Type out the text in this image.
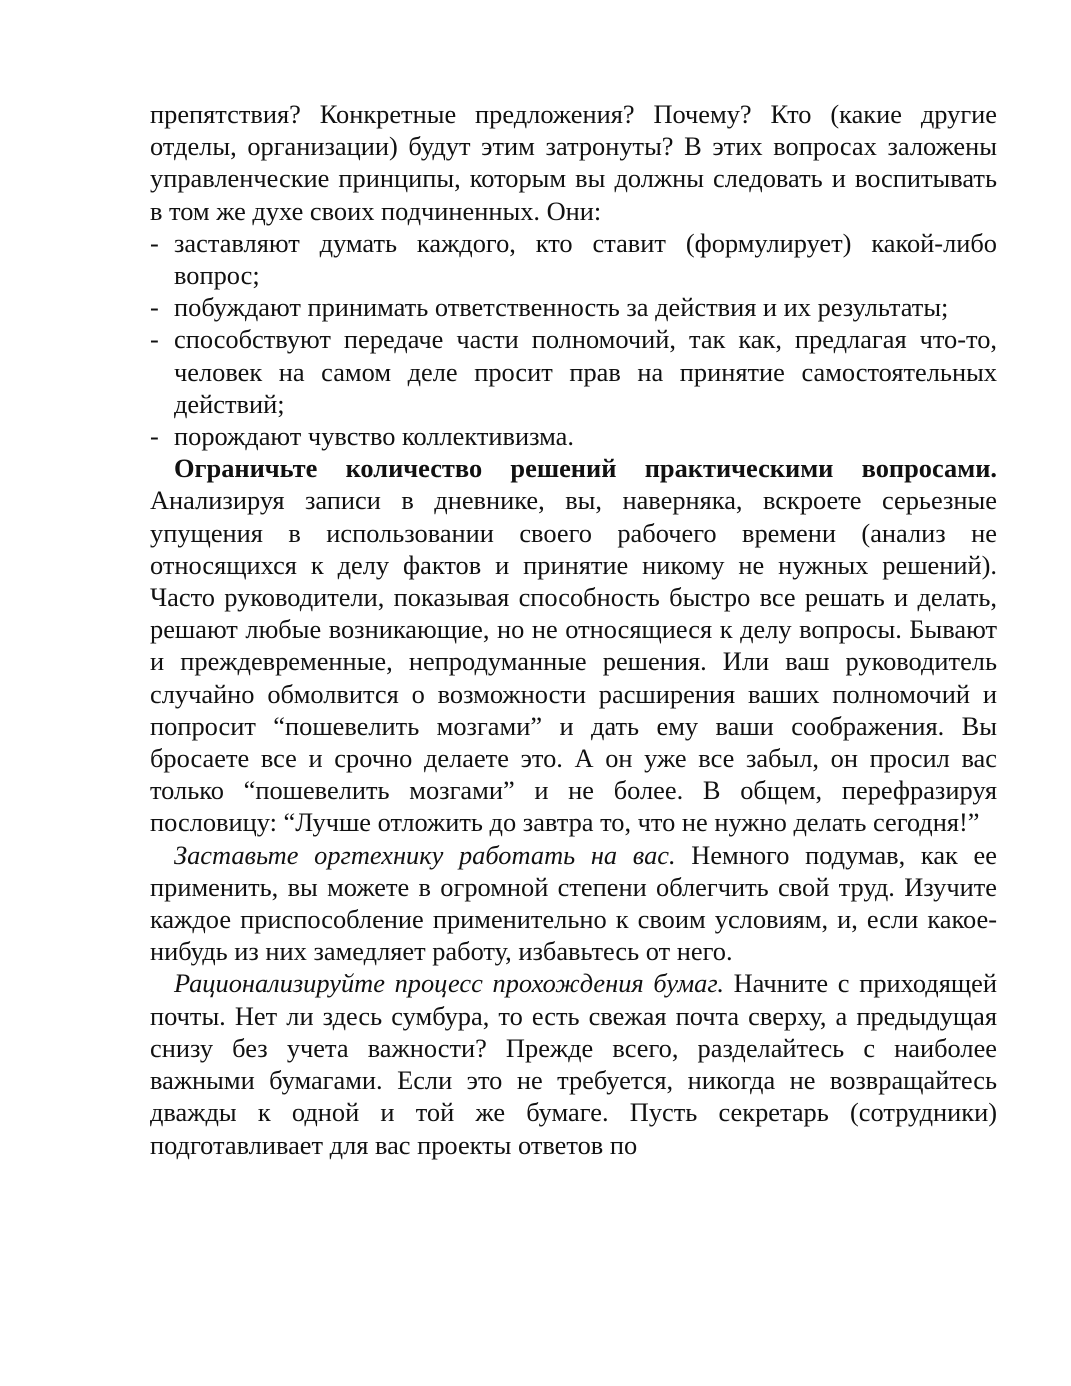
препятствия? Конкретные предложения? Почему? Кто (какие другие отделы, организации) будут этим затронуты? В этих вопросах заложены управленческие принципы, которым вы должны следовать и воспитывать в том же духе своих подчиненных. Они:

- заставляют думать каждого, кто ставит (формулирует) какой-либо вопрос;
- побуждают принимать ответственность за действия и их результаты;
- способствуют передаче части полномочий, так как, предлагая что-то, человек на самом деле просит прав на принятие самостоятельных действий;
- порождают чувство коллективизма.

Ограничьте количество решений практическими вопросами. Анализируя записи в дневнике, вы, наверняка, вскроете серьезные упущения в использовании своего рабочего времени (анализ не относящихся к делу фактов и принятие никому не нужных решений). Часто руководители, показывая способность быстро все решать и делать, решают любые возникающие, но не относящиеся к делу вопросы. Бывают и преждевременные, непродуманные решения. Или ваш руководитель случайно обмолвится о возможности расширения ваших полномочий и попросит “пошевелить мозгами” и дать ему ваши соображения. Вы бросаете все и срочно делаете это. А он уже все забыл, он просил вас только “пошевелить мозгами” и не более. В общем, перефразируя пословицу: “Лучше отложить до завтра то, что не нужно делать сегодня!”

Заставьте оргтехнику работать на вас. Немного подумав, как ее применить, вы можете в огромной степени облегчить свой труд. Изучите каждое приспособление применительно к своим условиям, и, если какое-нибудь из них замедляет работу, избавьтесь от него.

Рационализируйте процесс прохождения бумаг. Начните с приходящей почты. Нет ли здесь сумбура, то есть свежая почта сверху, а предыдущая снизу без учета важности? Прежде всего, разделайтесь с наиболее важными бумагами. Если это не требуется, никогда не возвращайтесь дважды к одной и той же бумаге. Пусть секретарь (сотрудники) подготавливает для вас проекты ответов по
